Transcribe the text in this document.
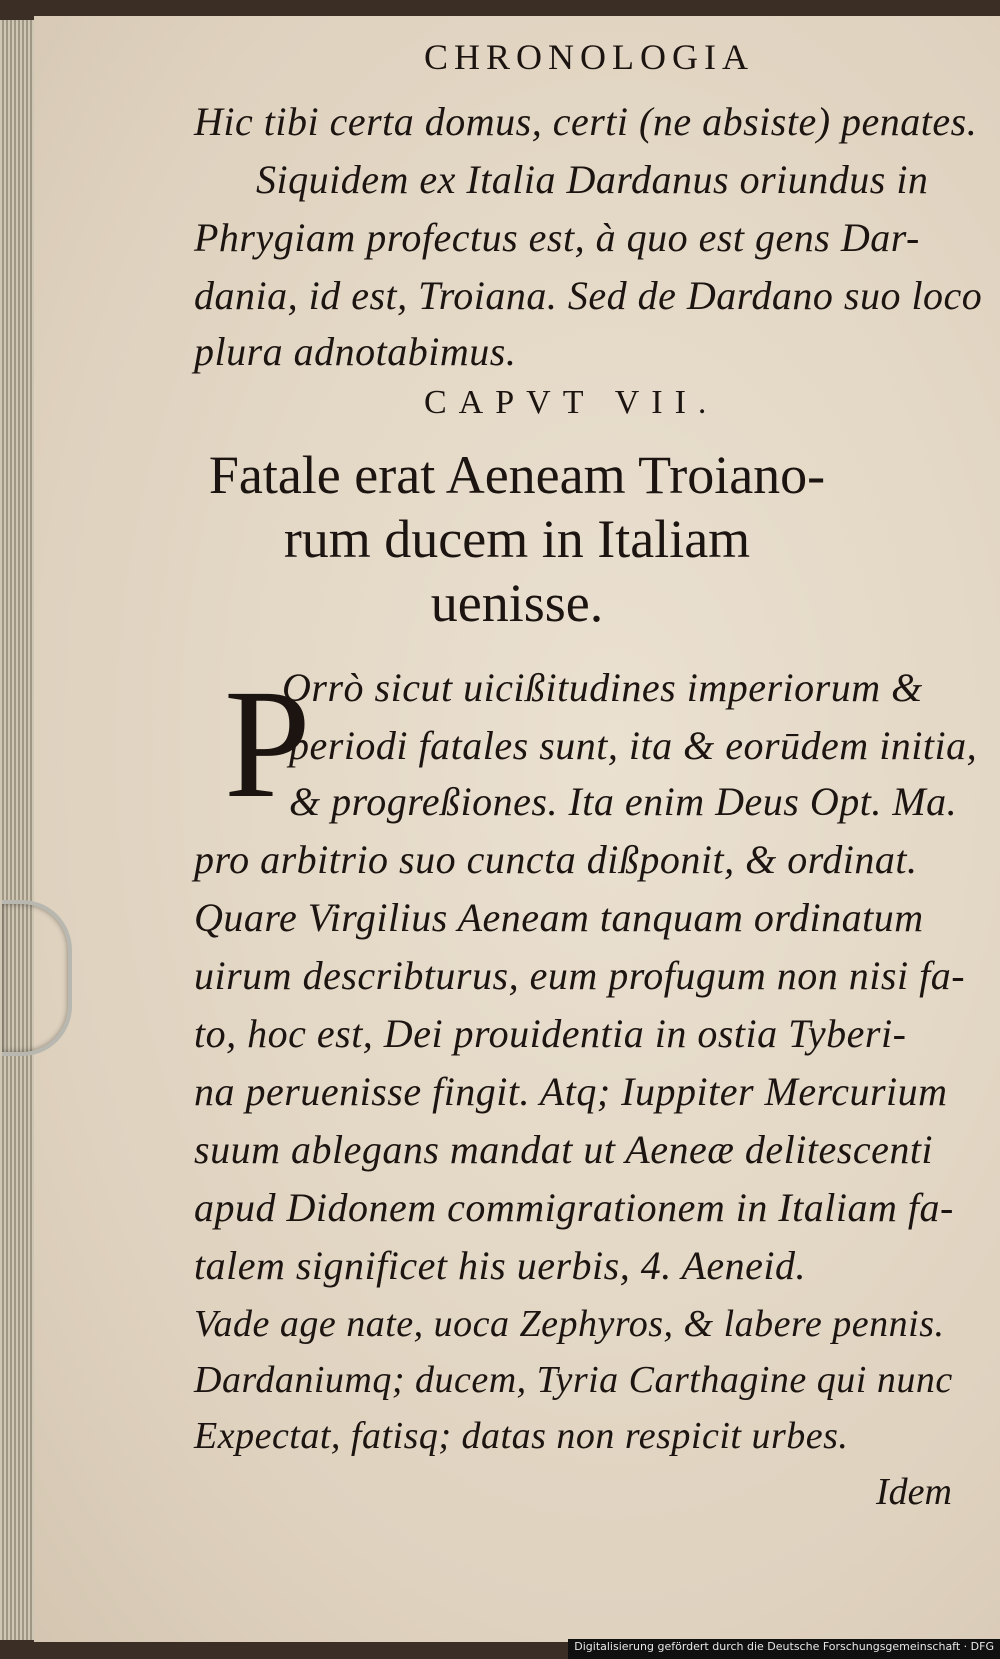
CHRONOLOGIA
Hic tibi certa domus, certi (ne absiste) penates.
Siquidem ex Italia Dardanus oriundus in
Phrygiam profectus est, à quo est gens Dar-
dania, id est, Troiana. Sed de Dardano suo loco
plura adnotabimus.
CAPVT VII.
Fatale erat Aeneam Troiano-
rum ducem in Italiam
uenisse.
P
Orrò sicut uicißitudines imperiorum &
periodi fatales sunt, ita & eorūdem initia,
& progreßiones. Ita enim Deus Opt. Ma.
pro arbitrio suo cuncta dißponit, & ordinat.
Quare Virgilius Aeneam tanquam ordinatum
uirum describturus, eum profugum non nisi fa-
to, hoc est, Dei prouidentia in ostia Tyberi-
na peruenisse fingit. Atq; Iuppiter Mercurium
suum ablegans mandat ut Aeneæ delitescenti
apud Didonem commigrationem in Italiam fa-
talem significet his uerbis, 4. Aeneid.
Vade age nate, uoca Zephyros, & labere pennis.
Dardaniumq; ducem, Tyria Carthagine qui nunc
Expectat, fatisq; datas non respicit urbes.
Idem
Digitalisierung gefördert durch die Deutsche Forschungsgemeinschaft · DFG
